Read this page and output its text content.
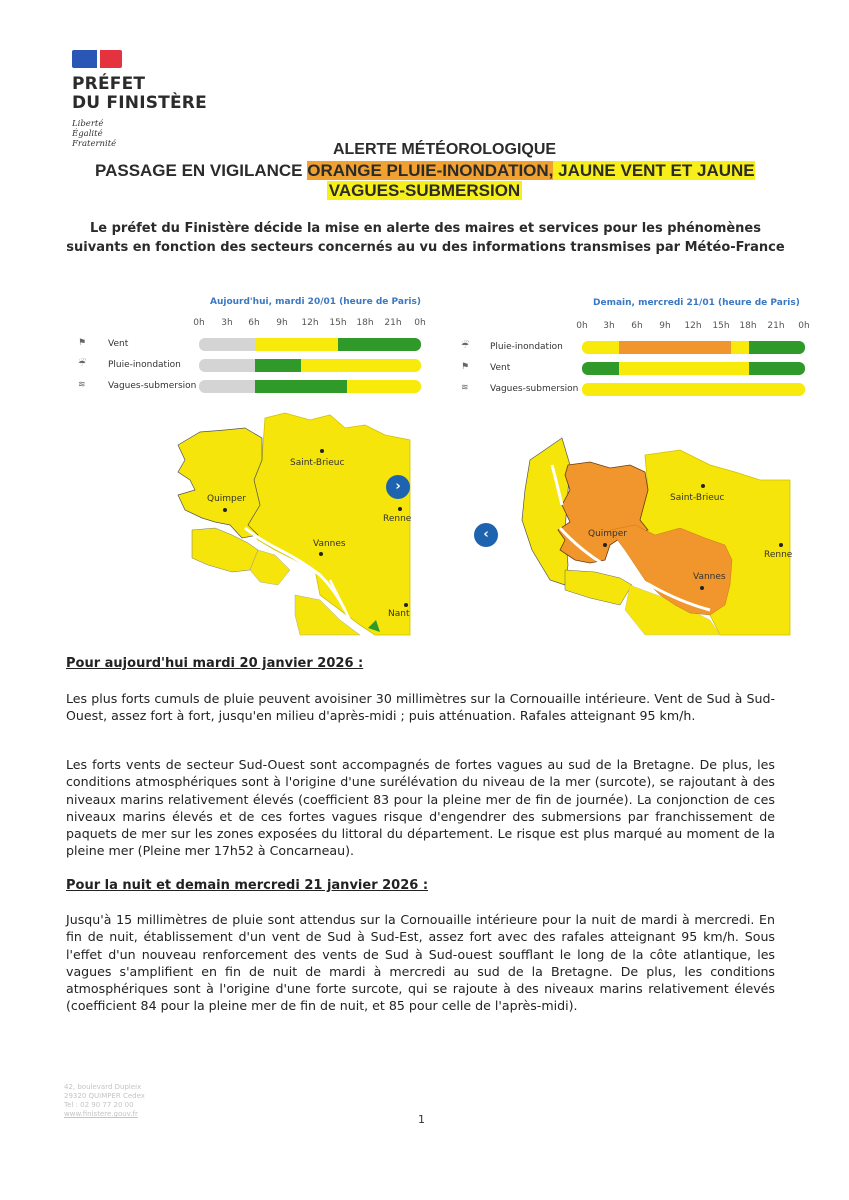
PRÉFET
DU FINISTÈRE
Liberté
Égalité
Fraternité	ALERTE MÉTÉOROLOGIQUE
PASSAGE EN VIGILANCE ORANGE PLUIE-INONDATION, JAUNE VENT ET JAUNE
VAGUES-SUBMERSION
Le préfet du Finistère décide la mise en alerte des maires et services pour les phénomènes suivants en fonction des secteurs concernés au vu des informations transmises par Météo-France
Aujourd'hui, mardi 20/01 (heure de Paris)
0h 3h 6h 9h 12h 15h 18h 21h 0h
⚑	Vent
☔	Pluie-inondation
≋	Vagues-submersion
Demain, mercredi 21/01 (heure de Paris)
0h 3h 6h 9h 12h 15h 18h 21h 0h
☔	Pluie-inondation
⚑	Vent
≋	Vagues-submersion
Saint-Brieuc
Quimper
Vannes
Renne
Nant
›
Saint-Brieuc
Quimper
Vannes
Renne
‹
Pour aujourd'hui mardi 20 janvier 2026 :
Les plus forts cumuls de pluie peuvent avoisiner 30 millimètres sur la Cornouaille intérieure. Vent de Sud à Sud-Ouest, assez fort à fort, jusqu'en milieu d'après-midi ; puis atténuation. Rafales atteignant 95 km/h.
Les forts vents de secteur Sud-Ouest sont accompagnés de fortes vagues au sud de la Bretagne. De plus, les conditions atmosphériques sont à l'origine d'une surélévation du niveau de la mer (surcote), se rajoutant à des niveaux marins relativement élevés (coefficient 83 pour la pleine mer de fin de journée). La conjonction de ces niveaux marins élevés et de ces fortes vagues risque d'engendrer des submersions par franchissement de paquets de mer sur les zones exposées du littoral du département. Le risque est plus marqué au moment de la pleine mer (Pleine mer 17h52 à Concarneau).
Pour la nuit et demain mercredi 21 janvier 2026 :
Jusqu'à 15 millimètres de pluie sont attendus sur la Cornouaille intérieure pour la nuit de mardi à mercredi. En fin de nuit, établissement d'un vent de Sud à Sud-Est, assez fort avec des rafales atteignant 95 km/h. Sous l'effet d'un nouveau renforcement des vents de Sud à Sud-ouest soufflant le long de la côte atlantique, les vagues s'amplifient en fin de nuit de mardi à mercredi au sud de la Bretagne. De plus, les conditions atmosphériques sont à l'origine d'une forte surcote, qui se rajoute à des niveaux marins relativement élevés (coefficient 84 pour la pleine mer de fin de nuit, et 85 pour celle de l'après-midi).
42, boulevard Dupleix
29320 QUIMPER Cedex
Tel : 02 90 77 20 00
www.finistere.gouv.fr	1
